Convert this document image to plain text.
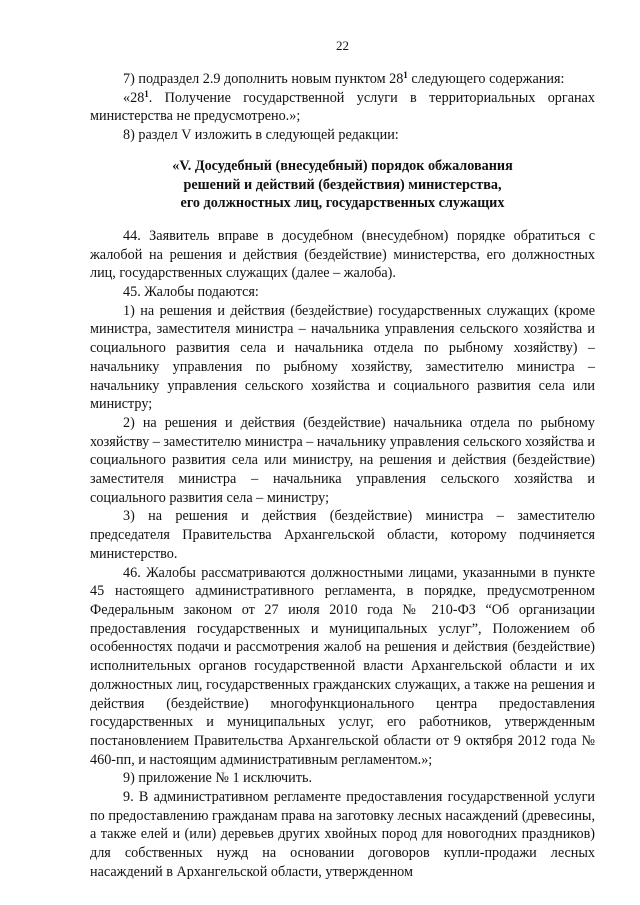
22

7) подраздел 2.9 дополнить новым пунктом $28^1$ следующего содержания:

«$28^1$. Получение государственной услуги в территориальных органах министерства не предусмотрено.»;

8) раздел V изложить в следующей редакции:

«V. Досудебный (внесудебный) порядок обжалования
решений и действий (бездействия) министерства,
его должностных лиц, государственных служащих

44. Заявитель вправе в досудебном (внесудебном) порядке обратиться с жалобой на решения и действия (бездействие) министерства, его должностных лиц, государственных служащих (далее – жалоба).

45. Жалобы подаются:

1) на решения и действия (бездействие) государственных служащих (кроме министра, заместителя министра – начальника управления сельского хозяйства и социального развития села и начальника отдела по рыбному хозяйству) – начальнику управления по рыбному хозяйству, заместителю министра – начальнику управления сельского хозяйства и социального развития села или министру;

2) на решения и действия (бездействие) начальника отдела по рыбному хозяйству – заместителю министра – начальнику управления сельского хозяйства и социального развития села или министру, на решения и действия (бездействие) заместителя министра – начальника управления сельского хозяйства и социального развития села – министру;

3) на решения и действия (бездействие) министра – заместителю председателя Правительства Архангельской области, которому подчиняется министерство.

46. Жалобы рассматриваются должностными лицами, указанными в пункте 45 настоящего административного регламента, в порядке, предусмотренном Федеральным законом от 27 июля 2010 года № 210-ФЗ “Об организации предоставления государственных и муниципальных услуг”, Положением об особенностях подачи и рассмотрения жалоб на решения и действия (бездействие) исполнительных органов государственной власти Архангельской области и их должностных лиц, государственных гражданских служащих, а также на решения и действия (бездействие) многофункционального центра предоставления государственных и муниципальных услуг, его работников, утвержденным постановлением Правительства Архангельской области от 9 октября 2012 года № 460-пп, и настоящим административным регламентом.»;

9) приложение № 1 исключить.

9. В административном регламенте предоставления государственной услуги по предоставлению гражданам права на заготовку лесных насаждений (древесины, а также елей и (или) деревьев других хвойных пород для новогодних праздников) для собственных нужд на основании договоров купли-продажи лесных насаждений в Архангельской области, утвержденном
